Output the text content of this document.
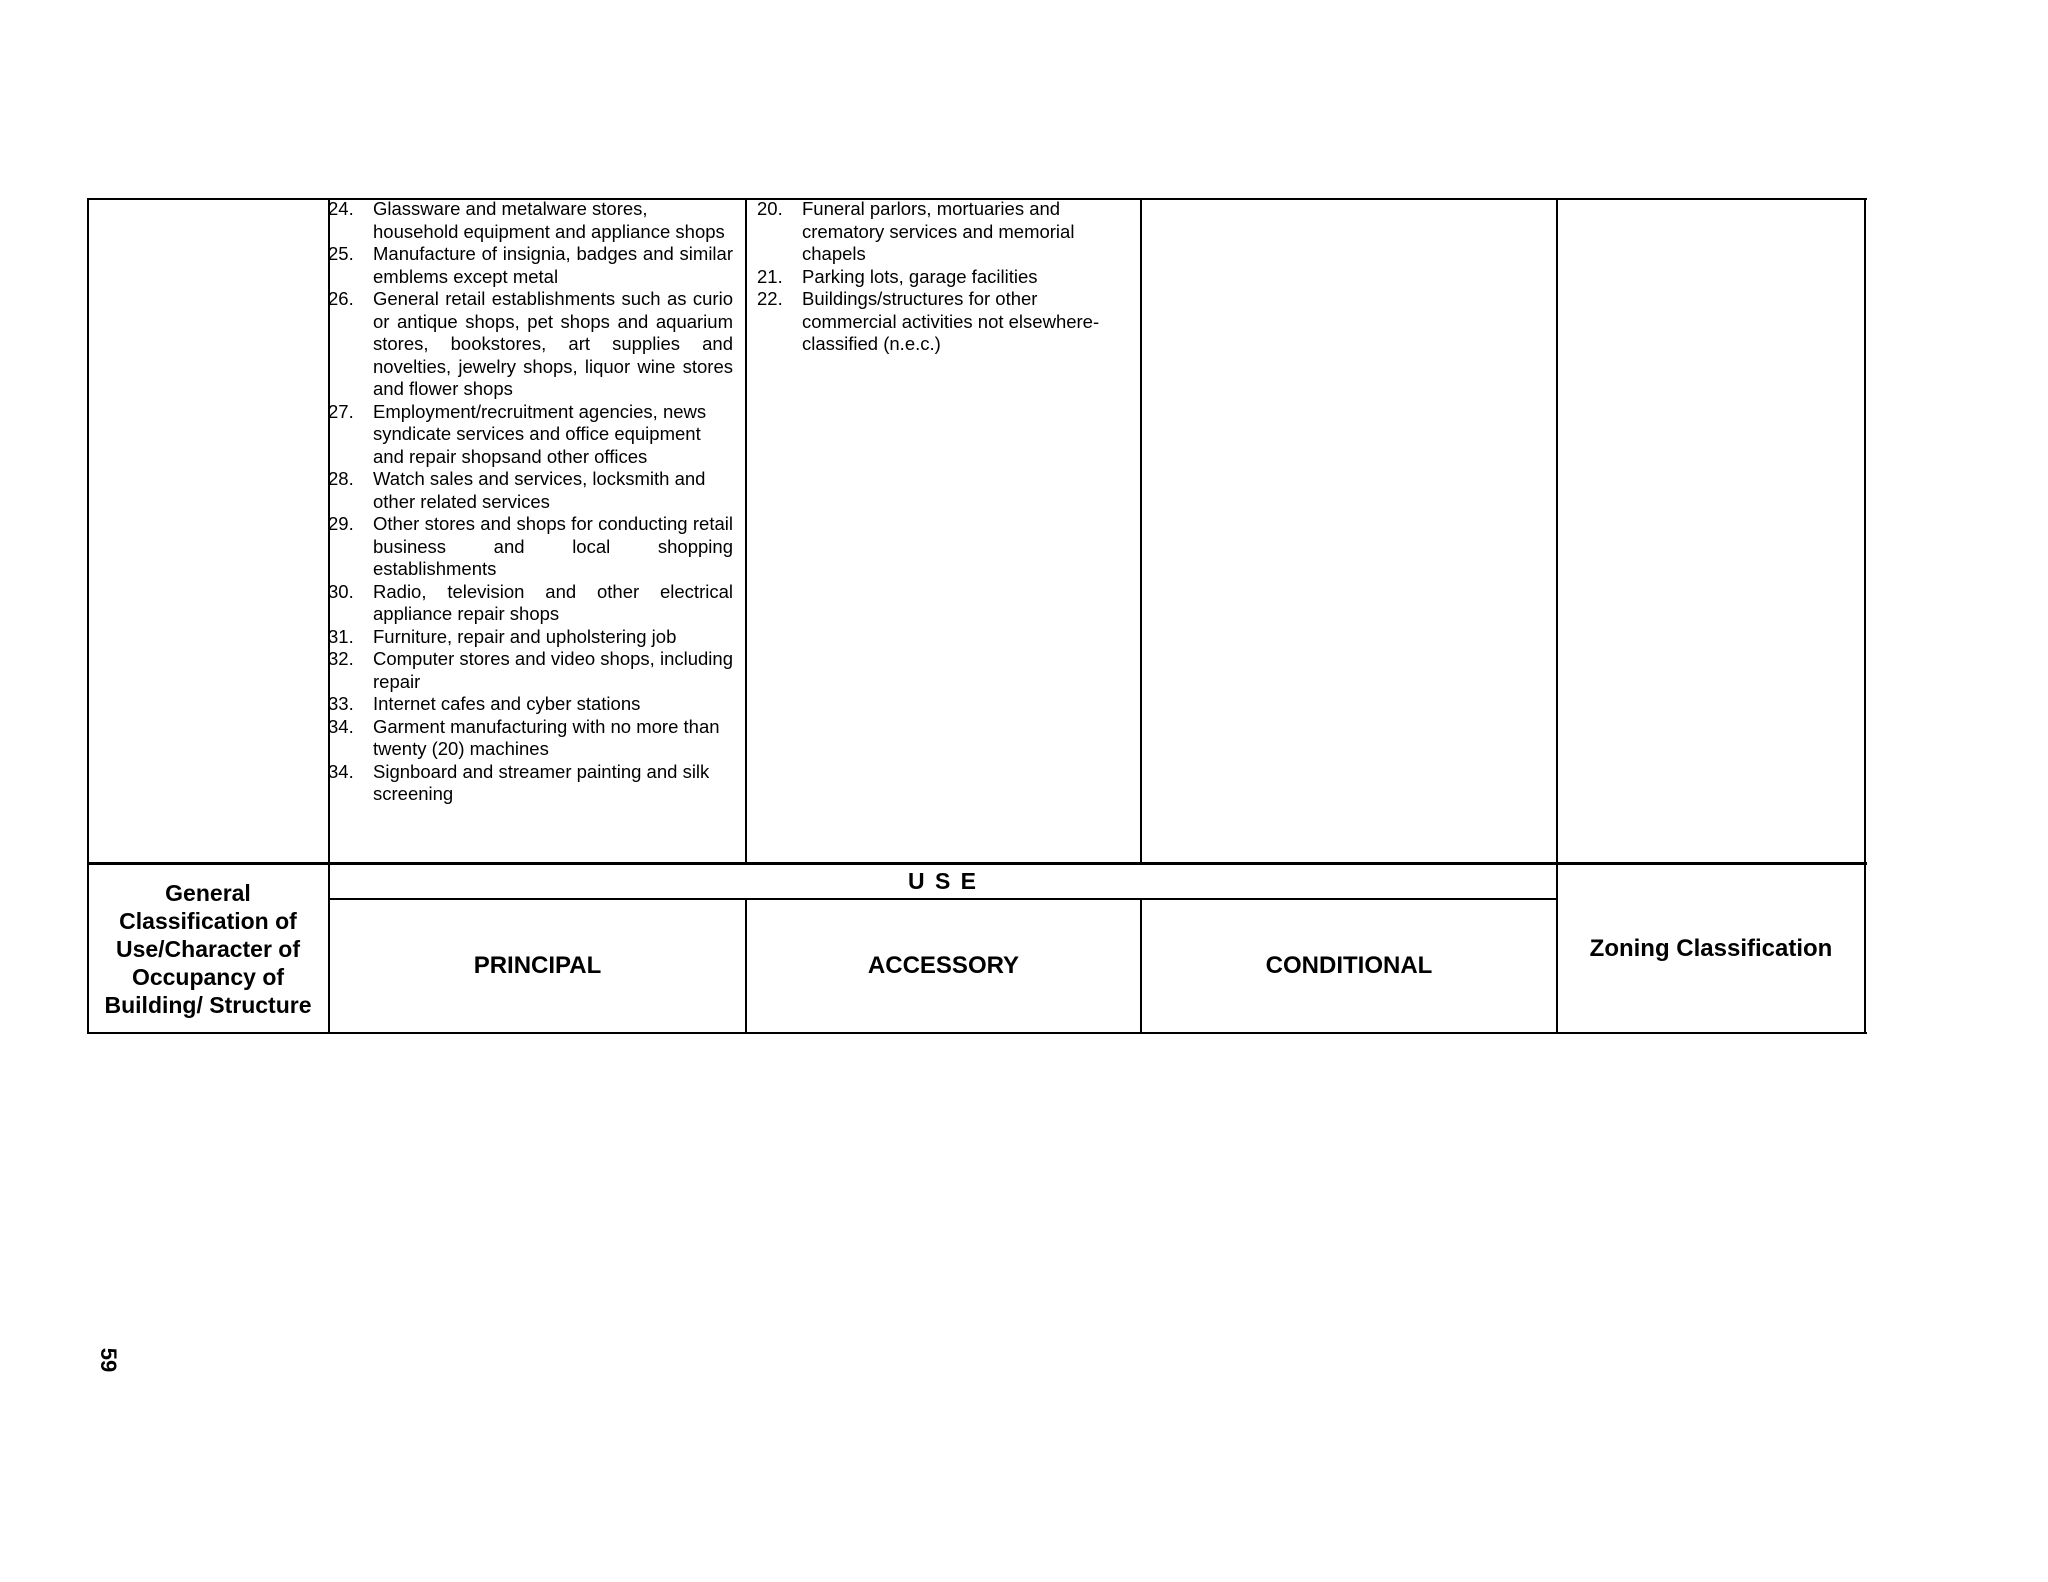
24. Glassware and metalware stores, household equipment and appliance shops
25. Manufacture of insignia, badges and similar emblems except metal
26. General retail establishments such as curio or antique shops, pet shops and aquarium stores, bookstores, art supplies and novelties, jewelry shops, liquor wine stores and flower shops
27. Employment/recruitment agencies, news syndicate services and office equipment and repair shopsand other offices
28. Watch sales and services, locksmith and other related services
29. Other stores and shops for conducting retail business and local shopping establishments
30. Radio, television and other electrical appliance repair shops
31. Furniture, repair and upholstering job
32. Computer stores and video shops, including repair
33. Internet cafes and cyber stations
34. Garment manufacturing with no more than twenty (20) machines
34. Signboard and streamer painting and silk screening
20. Funeral parlors, mortuaries and crematory services and memorial chapels
21. Parking lots, garage facilities
22. Buildings/structures for other commercial activities not elsewhere-classified (n.e.c.)
General Classification of Use/Character of Occupancy of Building/ Structure
U S E
PRINCIPAL	ACCESSORY	CONDITIONAL
Zoning Classification
59
